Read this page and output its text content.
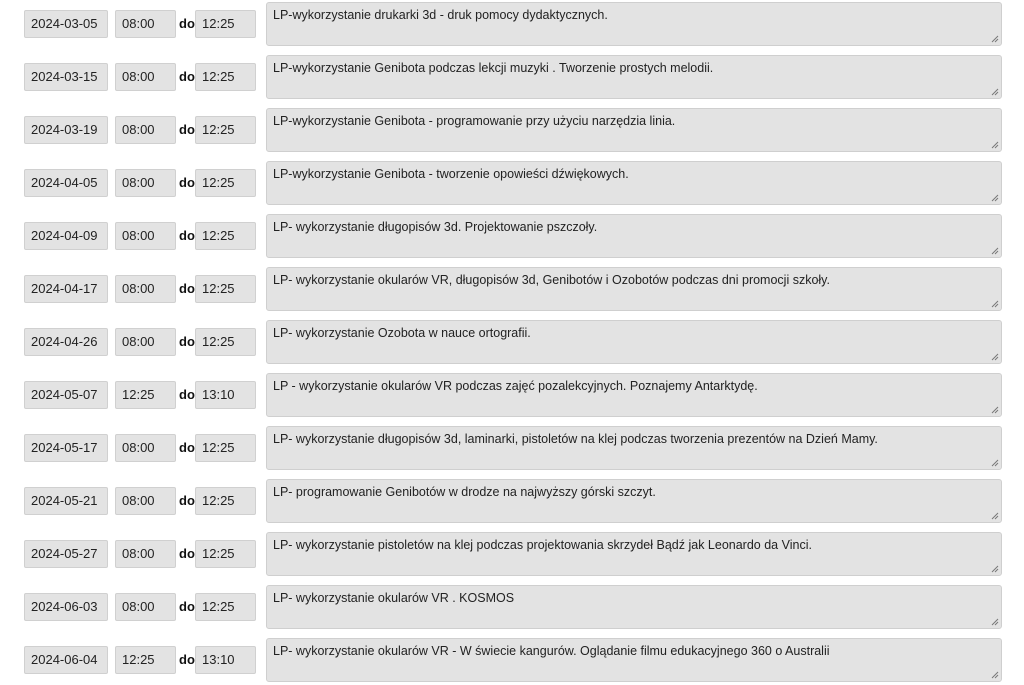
2024-03-05	08:00	do 12:25
LP-wykorzystanie drukarki 3d - druk pomocy dydaktycznych.
2024-03-15	08:00	do 12:25
LP-wykorzystanie Genibota podczas lekcji muzyki . Tworzenie prostych melodii.
2024-03-19	08:00	do 12:25
LP-wykorzystanie Genibota - programowanie przy użyciu narzędzia linia.
2024-04-05	08:00	do 12:25
LP-wykorzystanie Genibota - tworzenie opowieści dźwiękowych.
2024-04-09	08:00	do 12:25
LP- wykorzystanie długopisów 3d. Projektowanie pszczoły.
2024-04-17	08:00	do 12:25
LP- wykorzystanie okularów VR, długopisów 3d, Genibotów i Ozobotów podczas dni promocji szkoły.
2024-04-26	08:00	do 12:25
LP- wykorzystanie Ozobota w nauce ortografii.
2024-05-07	12:25	do 13:10
LP - wykorzystanie okularów VR podczas zajęć pozalekcyjnych. Poznajemy Antarktydę.
2024-05-17	08:00	do 12:25
LP- wykorzystanie długopisów 3d, laminarki, pistoletów na klej podczas tworzenia prezentów na Dzień Mamy.
2024-05-21	08:00	do 12:25
LP- programowanie Genibotów w drodze na najwyższy górski szczyt.
2024-05-27	08:00	do 12:25
LP- wykorzystanie pistoletów na klej podczas projektowania skrzydeł Bądź jak Leonardo da Vinci.
2024-06-03	08:00	do 12:25
LP- wykorzystanie okularów VR . KOSMOS
2024-06-04	12:25	do 13:10
LP- wykorzystanie okularów VR - W świecie kangurów. Oglądanie filmu edukacyjnego 360 o Australii
